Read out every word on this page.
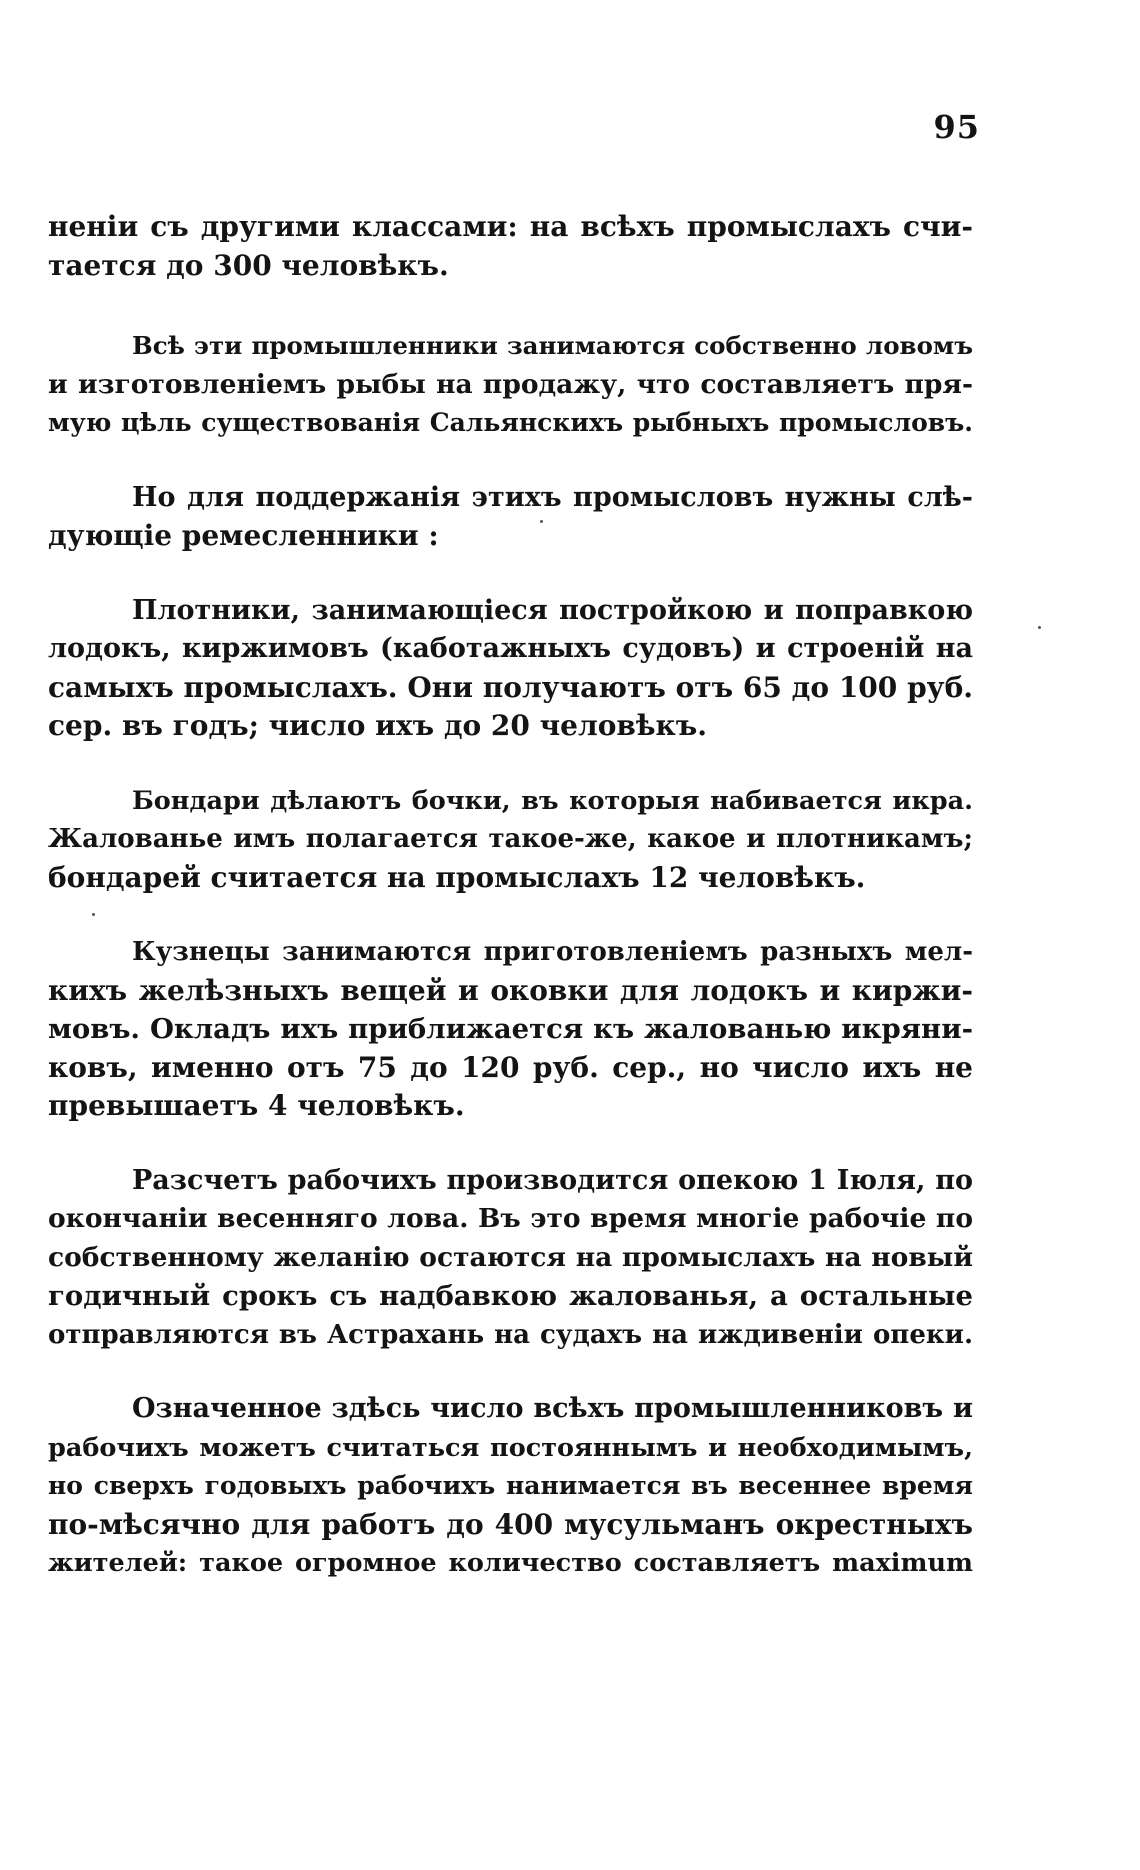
95
ненiи съ другими классами: на всѣхъ промыслахъ счи-
тается до 300 человѣкъ.
Всѣ эти промышленники занимаются собственно ловомъ
и изготовленiемъ рыбы на продажу, что составляетъ пря-
мую цѣль существованiя Сальянскихъ рыбныхъ промысловъ.
Но для поддержанiя этихъ промысловъ нужны слѣ-
дующiе ремесленники :
Плотники, занимающiеся постройкою и поправкою
лодокъ, киржимовъ (каботажныхъ судовъ) и строенiй на
самыхъ промыслахъ. Они получаютъ отъ 65 до 100 руб.
сер. въ годъ; число ихъ до 20 человѣкъ.
Бондари дѣлаютъ бочки, въ которыя набивается икра.
Жалованье имъ полагается такое-же, какое и плотникамъ;
бондарей считается на промыслахъ 12 человѣкъ.
Кузнецы занимаются приготовленiемъ разныхъ мел-
кихъ желѣзныхъ вещей и оковки для лодокъ и киржи-
мовъ. Окладъ ихъ приближается къ жалованью икряни-
ковъ, именно отъ 75 до 120 руб. сер., но число ихъ не
превышаетъ 4 человѣкъ.
Разсчетъ рабочихъ производится опекою 1 Iюля, по
окончанiи весенняго лова. Въ это время многiе рабочiе по
собственному желанiю остаются на промыслахъ на новый
годичный срокъ съ надбавкою жалованья, а остальные
отправляются въ Астрахань на судахъ на иждивенiи опеки.
Означенное здѣсь число всѣхъ промышленниковъ и
рабочихъ можетъ считаться постояннымъ и необходимымъ,
но сверхъ годовыхъ рабочихъ нанимается въ весеннее время
по-мѣсячно для работъ до 400 мусульманъ окрестныхъ
жителей: такое огромное количество составляетъ maximum
